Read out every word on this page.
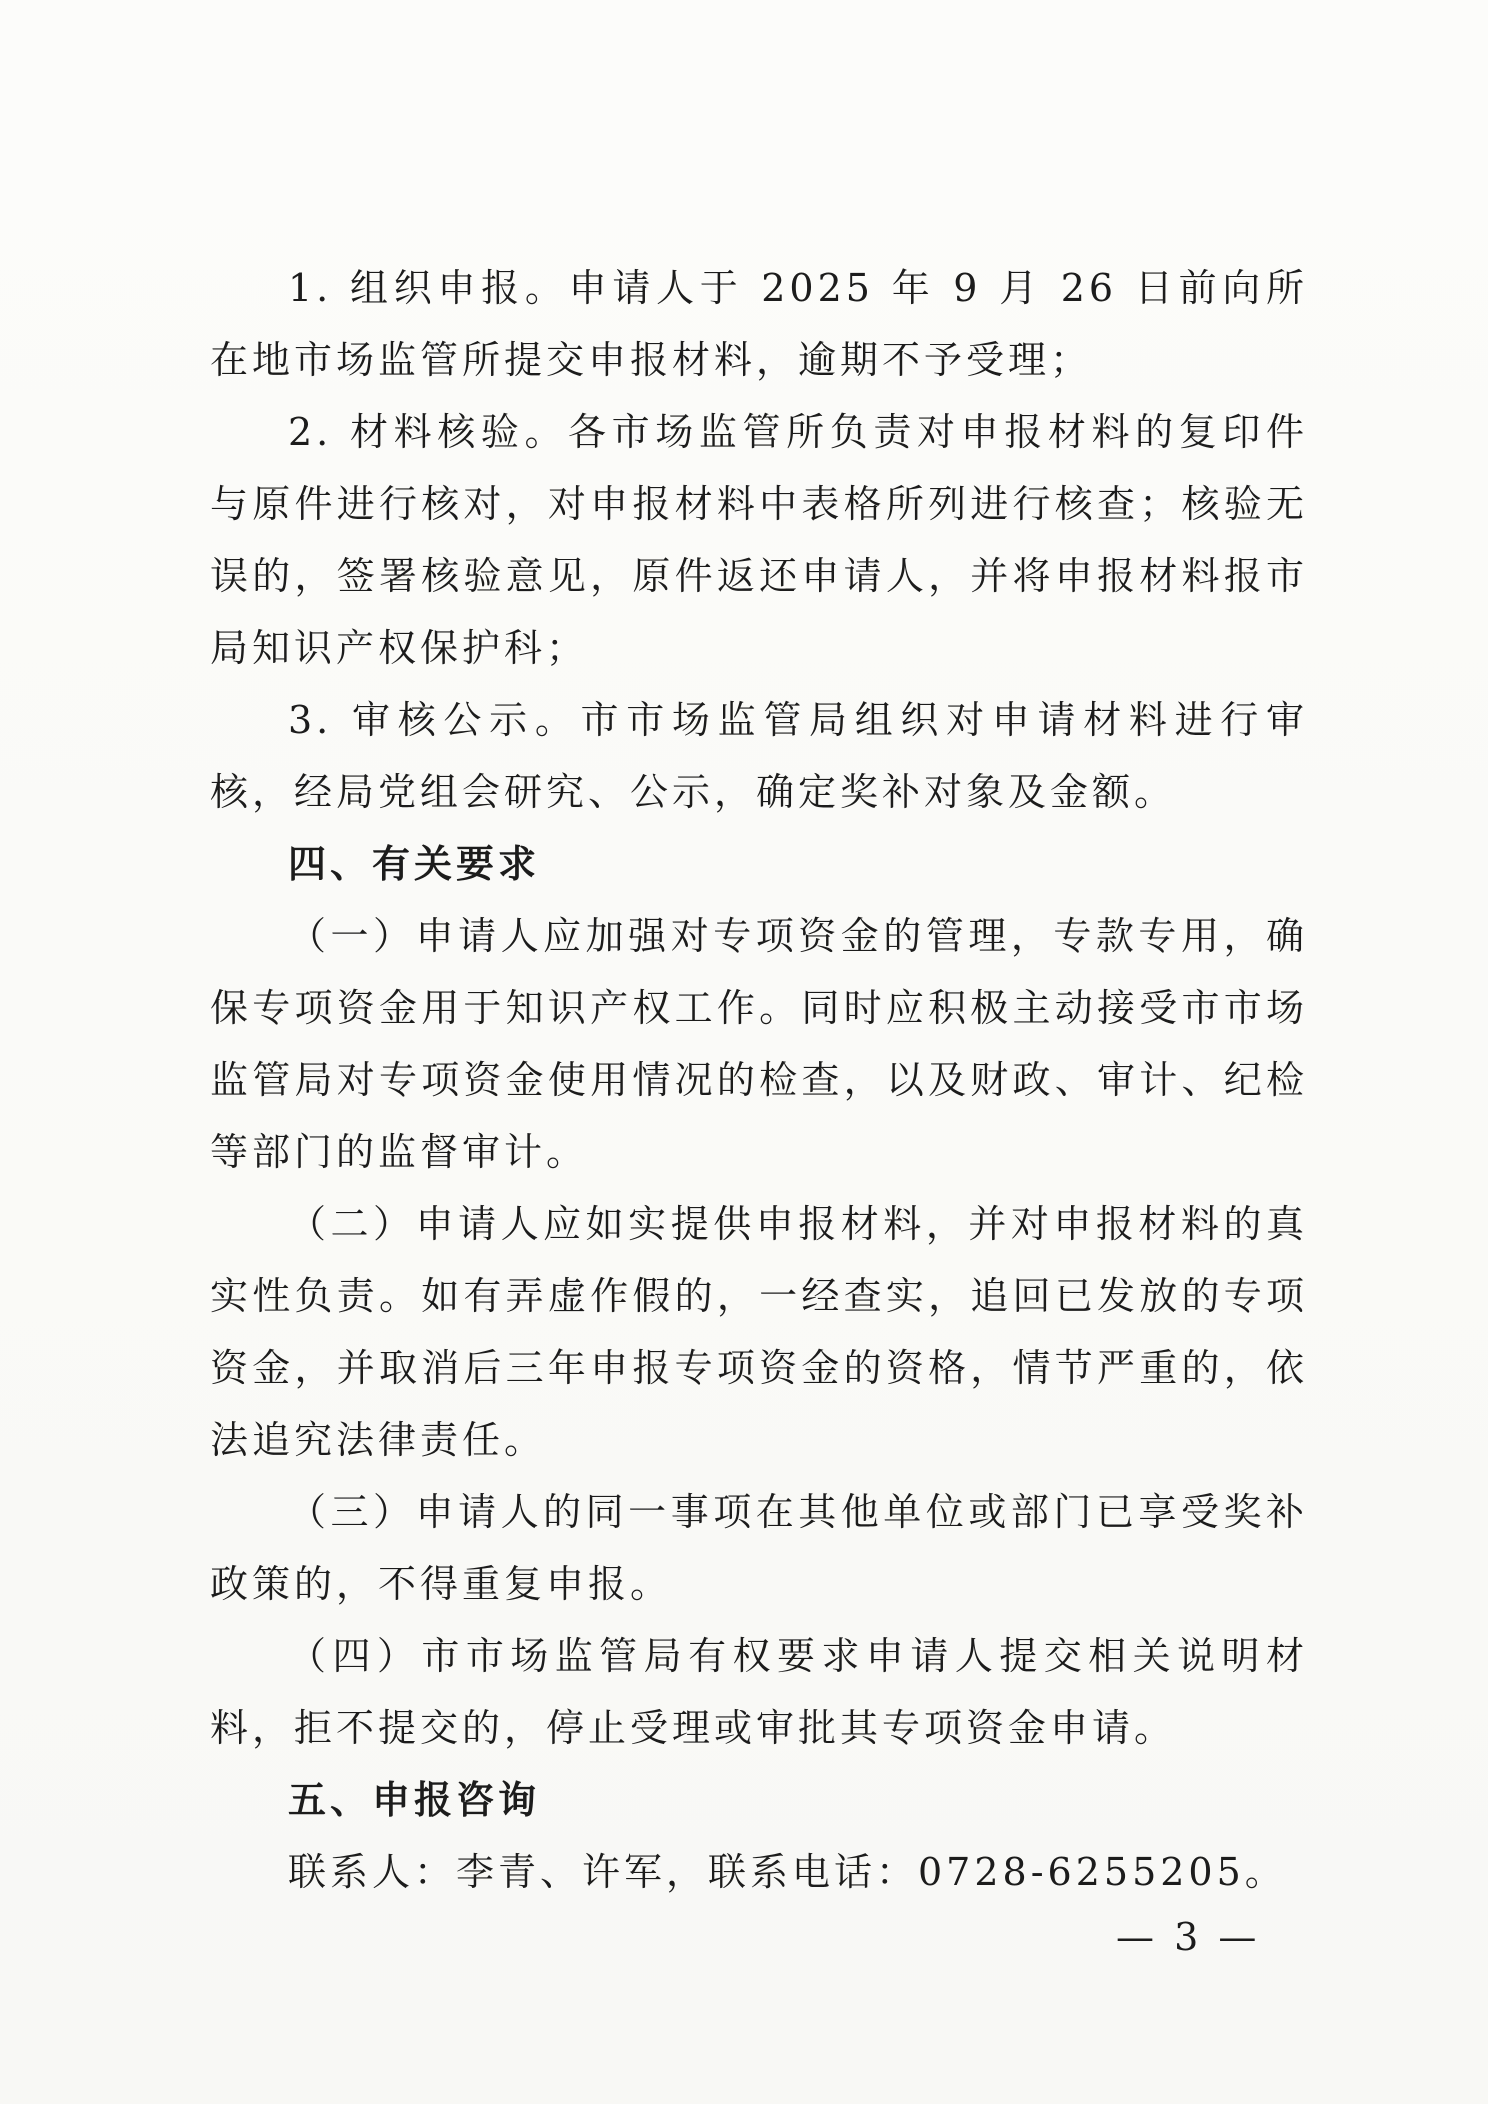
1. 组织申报。申请人于 2025 年 9 月 26 日前向所在地市场监管所提交申报材料，逾期不予受理；

2. 材料核验。各市场监管所负责对申报材料的复印件与原件进行核对，对申报材料中表格所列进行核查；核验无误的，签署核验意见，原件返还申请人，并将申报材料报市局知识产权保护科；

3. 审核公示。市市场监管局组织对申请材料进行审核，经局党组会研究、公示，确定奖补对象及金额。

四、有关要求

（一）申请人应加强对专项资金的管理，专款专用，确保专项资金用于知识产权工作。同时应积极主动接受市市场监管局对专项资金使用情况的检查，以及财政、审计、纪检等部门的监督审计。

（二）申请人应如实提供申报材料，并对申报材料的真实性负责。如有弄虚作假的，一经查实，追回已发放的专项资金，并取消后三年申报专项资金的资格，情节严重的，依法追究法律责任。

（三）申请人的同一事项在其他单位或部门已享受奖补政策的，不得重复申报。

（四）市市场监管局有权要求申请人提交相关说明材料，拒不提交的，停止受理或审批其专项资金申请。

五、申报咨询

联系人：李青、许军，联系电话：0728-6255205。

— 3 —
